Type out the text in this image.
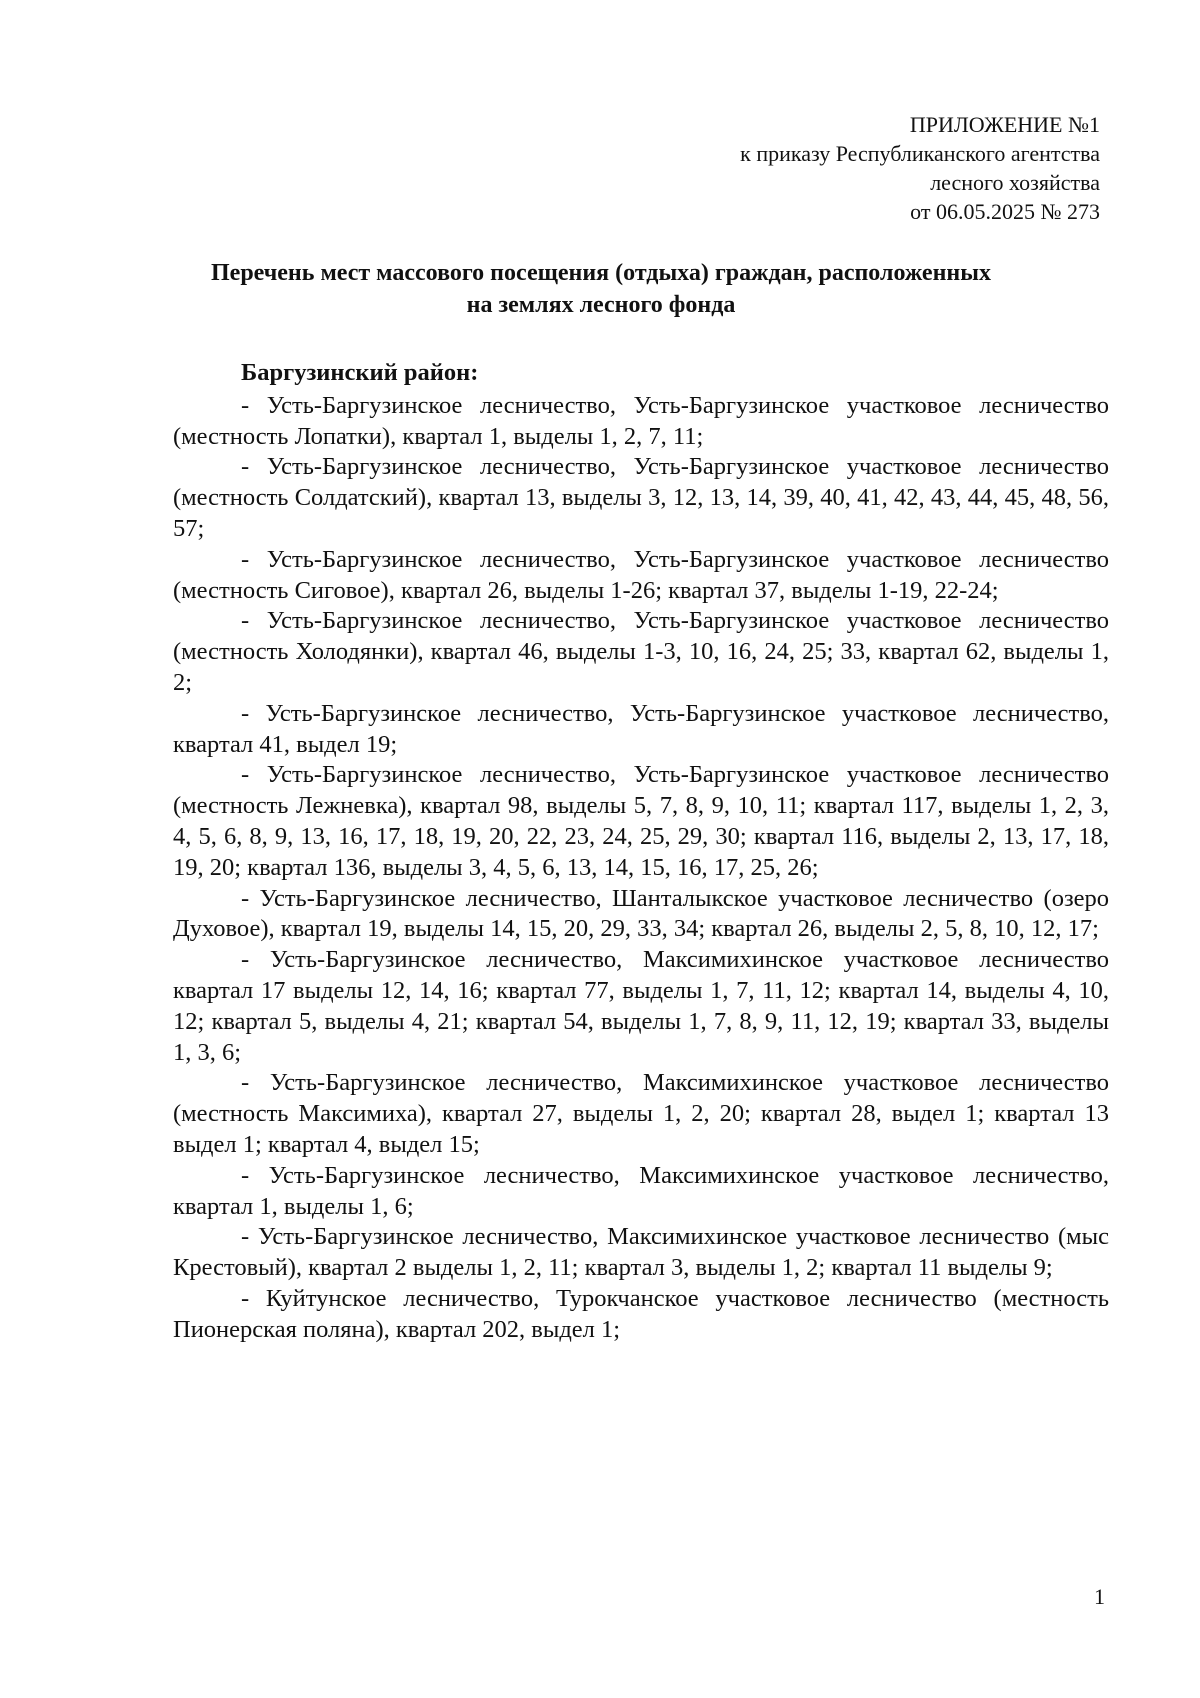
ПРИЛОЖЕНИЕ №1
к приказу Республиканского агентства
лесного хозяйства
от 06.05.2025 № 273
Перечень мест массового посещения (отдыха) граждан, расположенных
на землях лесного фонда
Баргузинский район:

- Усть-Баргузинское лесничество, Усть-Баргузинское участковое лесничество (местность Лопатки), квартал 1, выделы 1, 2, 7, 11;

- Усть-Баргузинское лесничество, Усть-Баргузинское участковое лесничество (местность Солдатский), квартал 13, выделы 3, 12, 13, 14, 39, 40, 41, 42, 43, 44, 45, 48, 56, 57;

- Усть-Баргузинское лесничество, Усть-Баргузинское участковое лесничество (местность Сиговое), квартал 26, выделы 1-26; квартал 37, выделы 1-19, 22-24;

- Усть-Баргузинское лесничество, Усть-Баргузинское участковое лесничество (местность Холодянки), квартал 46, выделы 1-3, 10, 16, 24, 25; 33, квартал 62, выделы 1, 2;

- Усть-Баргузинское лесничество, Усть-Баргузинское участковое лесничество, квартал 41, выдел 19;

- Усть-Баргузинское лесничество, Усть-Баргузинское участковое лесничество (местность Лежневка), квартал 98, выделы 5, 7, 8, 9, 10, 11; квартал 117, выделы 1, 2, 3, 4, 5, 6, 8, 9, 13, 16, 17, 18, 19, 20, 22, 23, 24, 25, 29, 30; квартал 116, выделы 2, 13, 17, 18, 19, 20; квартал 136, выделы 3, 4, 5, 6, 13, 14, 15, 16, 17, 25, 26;

- Усть-Баргузинское лесничество, Шанталыкское участковое лесничество (озеро Духовое), квартал 19, выделы 14, 15, 20, 29, 33, 34; квартал 26, выделы 2, 5, 8, 10, 12, 17;

- Усть-Баргузинское лесничество, Максимихинское участковое лесничество квартал 17 выделы 12, 14, 16; квартал 77, выделы 1, 7, 11, 12; квартал 14, выделы 4, 10, 12; квартал 5, выделы 4, 21; квартал 54, выделы 1, 7, 8, 9, 11, 12, 19; квартал 33, выделы 1, 3, 6;

- Усть-Баргузинское лесничество, Максимихинское участковое лесничество (местность Максимиха), квартал 27, выделы 1, 2, 20; квартал 28, выдел 1; квартал 13 выдел 1; квартал 4, выдел 15;

- Усть-Баргузинское лесничество, Максимихинское участковое лесничество, квартал 1, выделы 1, 6;

- Усть-Баргузинское лесничество, Максимихинское участковое лесничество (мыс Крестовый), квартал 2 выделы 1, 2, 11; квартал 3, выделы 1, 2; квартал 11 выделы 9;

- Куйтунское лесничество, Турокчанское участковое лесничество (местность Пионерская поляна), квартал 202, выдел 1;

1
